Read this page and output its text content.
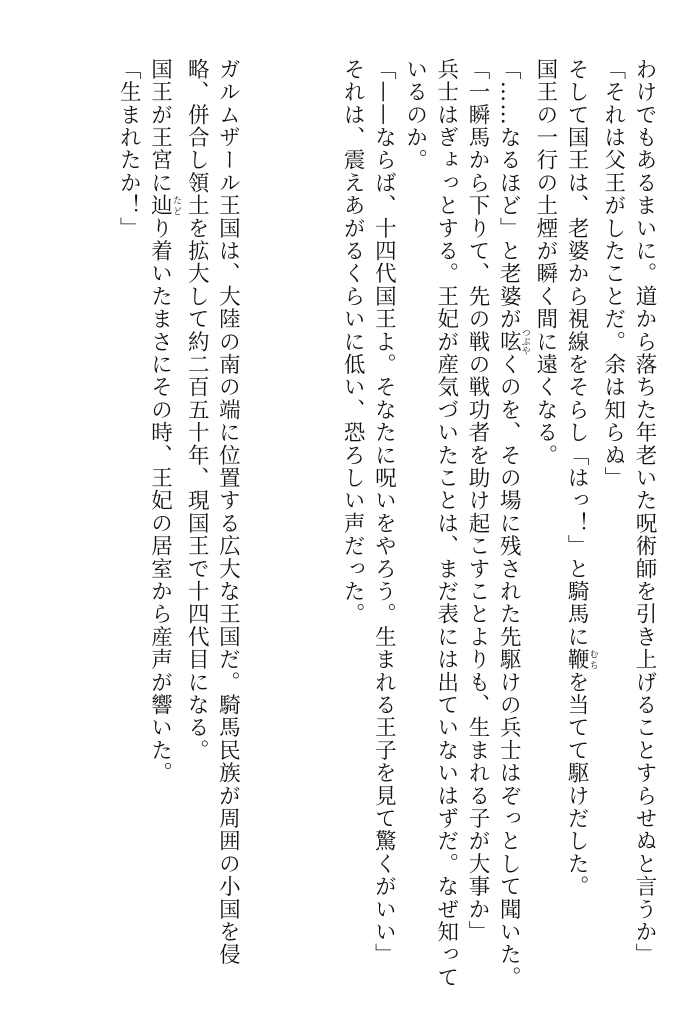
わけでもあるまいに。道から落ちた年老いた呪術師を引き上げることすらせぬと言うか」
「それは父王がしたことだ。余は知らぬ」
そして国王は、老婆から視線をそらし「はっ！」と騎馬に鞭むちを当てて駆けだした。
国王の一行の土煙が瞬く間に遠くなる。
「……なるほど」と老婆が呟つぶやくのを、その場に残された先駆けの兵士はぞっとして聞いた。
「一瞬馬から下りて、先の戦の戦功者を助け起こすことよりも、生まれる子が大事か」
兵士はぎょっとする。王妃が産気づいたことは、まだ表には出ていないはずだ。なぜ知って
いるのか。
「——ならば、十四代国王よ。そなたに呪いをやろう。生まれる王子を見て驚くがいい」
それは、震えあがるくらいに低い、恐ろしい声だった。
ガルムザール王国は、大陸の南の端に位置する広大な王国だ。騎馬民族が周囲の小国を侵
略、併合し領土を拡大して約二百五十年、現国王で十四代目になる。
国王が王宮に辿たどり着いたまさにその時、王妃の居室から産声が響いた。
「生まれたか！」
